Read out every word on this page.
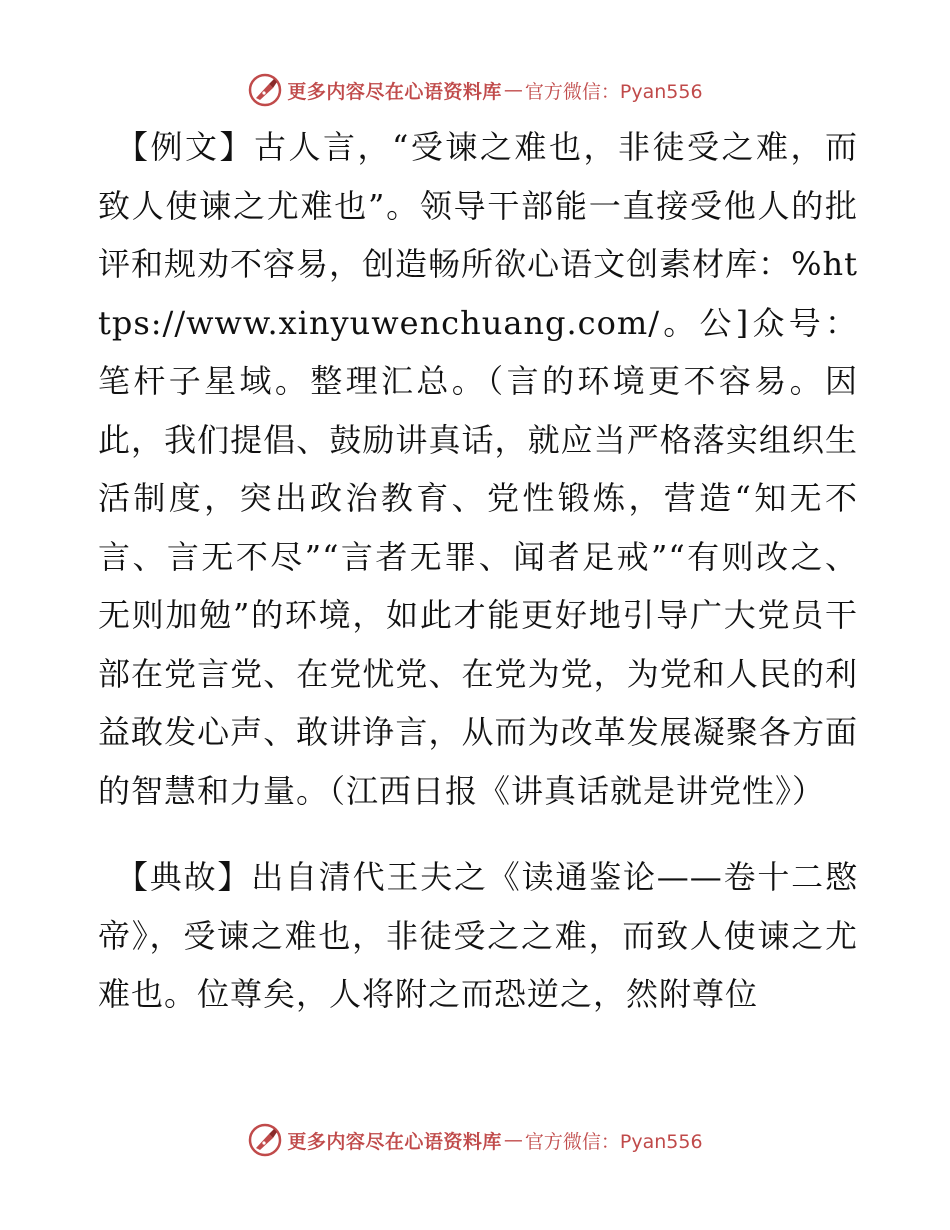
更多内容尽在心语资料库 — 官方微信：Pyan556

【例文】古人言，“受谏之难也，非徒受之难，而致人使谏之尤难也”。领导干部能一直接受他人的批评和规劝不容易，创造畅所欲心语文创素材库：%https://www.xinyuwenchuang.com/。公]众号：笔杆子星域。整理汇总。（言的环境更不容易。因此，我们提倡、鼓励讲真话，就应当严格落实组织生活制度，突出政治教育、党性锻炼，营造“知无不言、言无不尽”“言者无罪、闻者足戒”“有则改之、无则加勉”的环境，如此才能更好地引导广大党员干部在党言党、在党忧党、在党为党，为党和人民的利益敢发心声、敢讲诤言，从而为改革发展凝聚各方面的智慧和力量。（江西日报《讲真话就是讲党性》）

【典故】出自清代王夫之《读通鉴论——卷十二愍帝》，受谏之难也，非徒受之之难，而致人使谏之尤难也。位尊矣，人将附之而恐逆之，然附尊位

更多内容尽在心语资料库 — 官方微信：Pyan556
